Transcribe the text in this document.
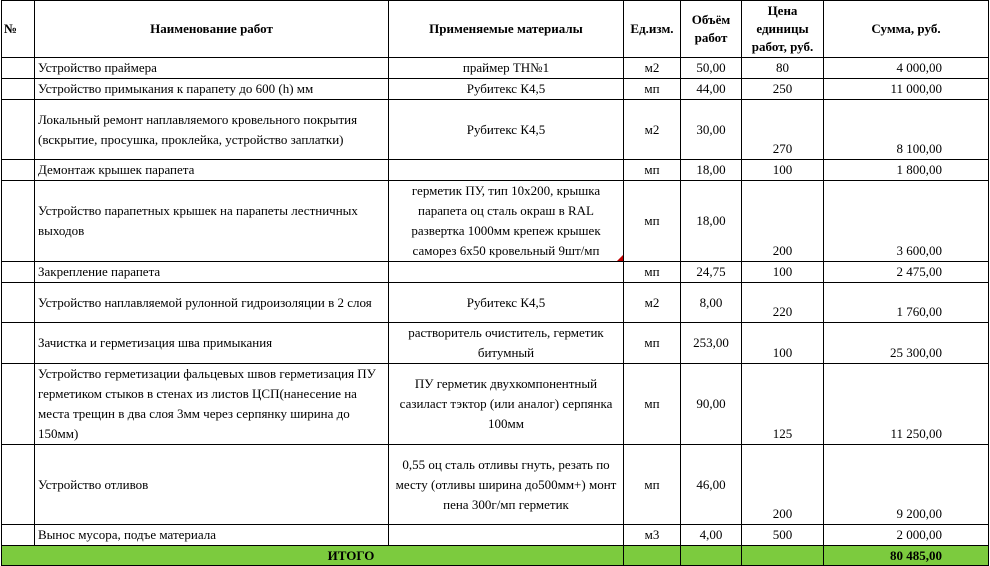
№	Наименование работ	Применяемые материалы	Ед.изм.	Объём работ	Цена единицы работ, руб.	Сумма, руб.
	Устройство праймера	праймер ТН№1	м2	50,00	80	4 000,00
	Устройство примыкания к парапету до 600 (h) мм	Рубитекс К4,5	мп	44,00	250	11 000,00
	Локальный ремонт наплавляемого кровельного покрытия (вскрытие, просушка, проклейка, устройство заплатки)	Рубитекс К4,5	м2	30,00	270	8 100,00
	Демонтаж крышек парапета		мп	18,00	100	1 800,00
	Устройство парапетных крышек на парапеты лестничных выходов	герметик ПУ, тип 10х200, крышка парапета оц сталь окраш в RAL развертка 1000мм крепеж крышек саморез 6х50 кровельный 9шт/мп	мп	18,00	200	3 600,00
	Закрепление парапета		мп	24,75	100	2 475,00
	Устройство наплавляемой рулонной гидроизоляции в 2 слоя	Рубитекс К4,5	м2	8,00	220	1 760,00
	Зачистка и герметизация шва примыкания	растворитель очиститель, герметик битумный	мп	253,00	100	25 300,00
	Устройство герметизации фальцевых швов герметизация ПУ герметиком стыков в стенах из листов ЦСП(нанесение на места трещин в два слоя 3мм через серпянку ширина до 150мм)	ПУ герметик двухкомпонентный сазиласт тэктор (или аналог) серпянка 100мм	мп	90,00	125	11 250,00
	Устройство отливов	0,55 оц сталь отливы гнуть, резать по месту (отливы ширина до500мм+) монт пена 300г/мп герметик	мп	46,00	200	9 200,00
	Вынос мусора, подъе материала		м3	4,00	500	2 000,00
ИТОГО						80 485,00
